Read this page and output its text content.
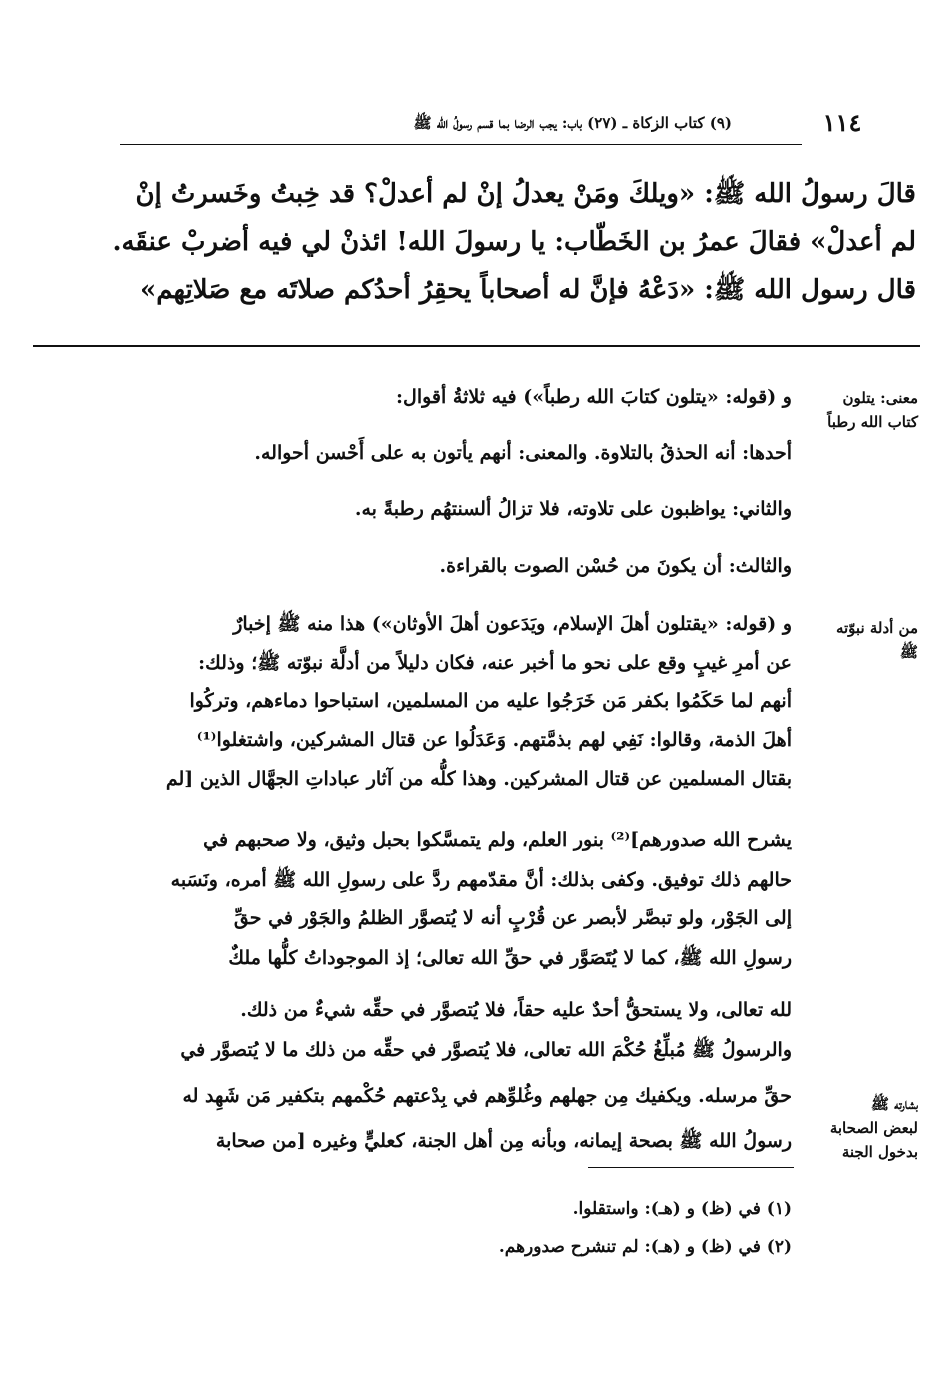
١١٤
(٩) كتاب الزكاة ـ (٢٧) باب: يجب الرضا بما قسم رسولُ الله ﷺ

قالَ رسولُ الله ﷺ: «ويلكَ ومَنْ يعدلُ إنْ لم أعدلْ؟ قد خِبتُ وخَسرتُ إنْ

لم أعدلْ» فقالَ عمرُ بن الخَطّاب: يا رسولَ الله! ائذنْ لي فيه أضربْ عنقَه.

قال رسول الله ﷺ: «دَعْهُ فإنَّ له أصحاباً يحقِرُ أحدُكم صلاتَه مع صَلاتِهم»

معنى: يتلون
كتاب الله رطباً
و (قوله: «يتلون كتابَ الله رطباً») فيه ثلاثةُ أقوال:
أحدها: أنه الحذقُ بالتلاوة. والمعنى: أنهم يأتون به على أَحْسن أحواله.
والثاني: يواظبون على تلاوته، فلا تزالُ ألسنتهُم رطبةً به.
والثالث: أن يكونَ من حُسْن الصوت بالقراءة.
و (قوله: «يقتلون أهلَ الإسلام، ويَدَعون أهلَ الأوثان») هذا منه ﷺ إخبارٌ
عن أمرِ غيبٍ وقع على نحو ما أخبر عنه، فكان دليلاً من أدلَّة نبوّته ﷺ؛ وذلك:
أنهم لما حَكَمُوا بكفر مَن خَرَجُوا عليه من المسلمين، استباحوا دماءهم، وتركُوا
أهلَ الذمة، وقالوا: نَفِي لهم بذمَّتهم. وَعَدَلُوا عن قتال المشركين، واشتغلوا⁽¹⁾
بقتال المسلمين عن قتال المشركين. وهذا كلُّه من آثار عباداتِ الجهَّال الذين [لم
يشرح الله صدورهم]⁽²⁾ بنور العلم، ولم يتمسَّكوا بحبل وثيق، ولا صحبهم في
حالهم ذلك توفيق. وكفى بذلك: أنَّ مقدّمهم ردَّ على رسولِ الله ﷺ أمره، ونَسَبه
إلى الجَوْر، ولو تبصَّر لأبصر عن قُرْبٍ أنه لا يُتصوَّر الظلمُ والجَوْر في حقِّ
رسولِ الله ﷺ، كما لا يُتَصَوَّر في حقِّ الله تعالى؛ إذ الموجوداتُ كلُّها ملكٌ
لله تعالى، ولا يستحقُّ أحدٌ عليه حقاً، فلا يُتصوَّر في حقِّه شيءٌ من ذلك.
والرسولُ ﷺ مُبلِّغُ حُكْمَ الله تعالى، فلا يُتصوَّر في حقِّه من ذلك ما لا يُتصوَّر في
حقِّ مرسله. ويكفيك مِن جهلهم وغُلوِّهم في بِدْعتهم حُكْمهم بتكفير مَن شَهِد له
رسولُ الله ﷺ بصحة إيمانه، وبأنه مِن أهل الجنة، كعليٍّ وغيره [من صحابة
من أدلة نبوّته
ﷺ
بشارته ﷺ
لبعض الصحابة
بدخول الجنة
(١) في (ظ) و (هـ): واستقلوا.
(٢) في (ظ) و (هـ): لم تنشرح صدورهم.
